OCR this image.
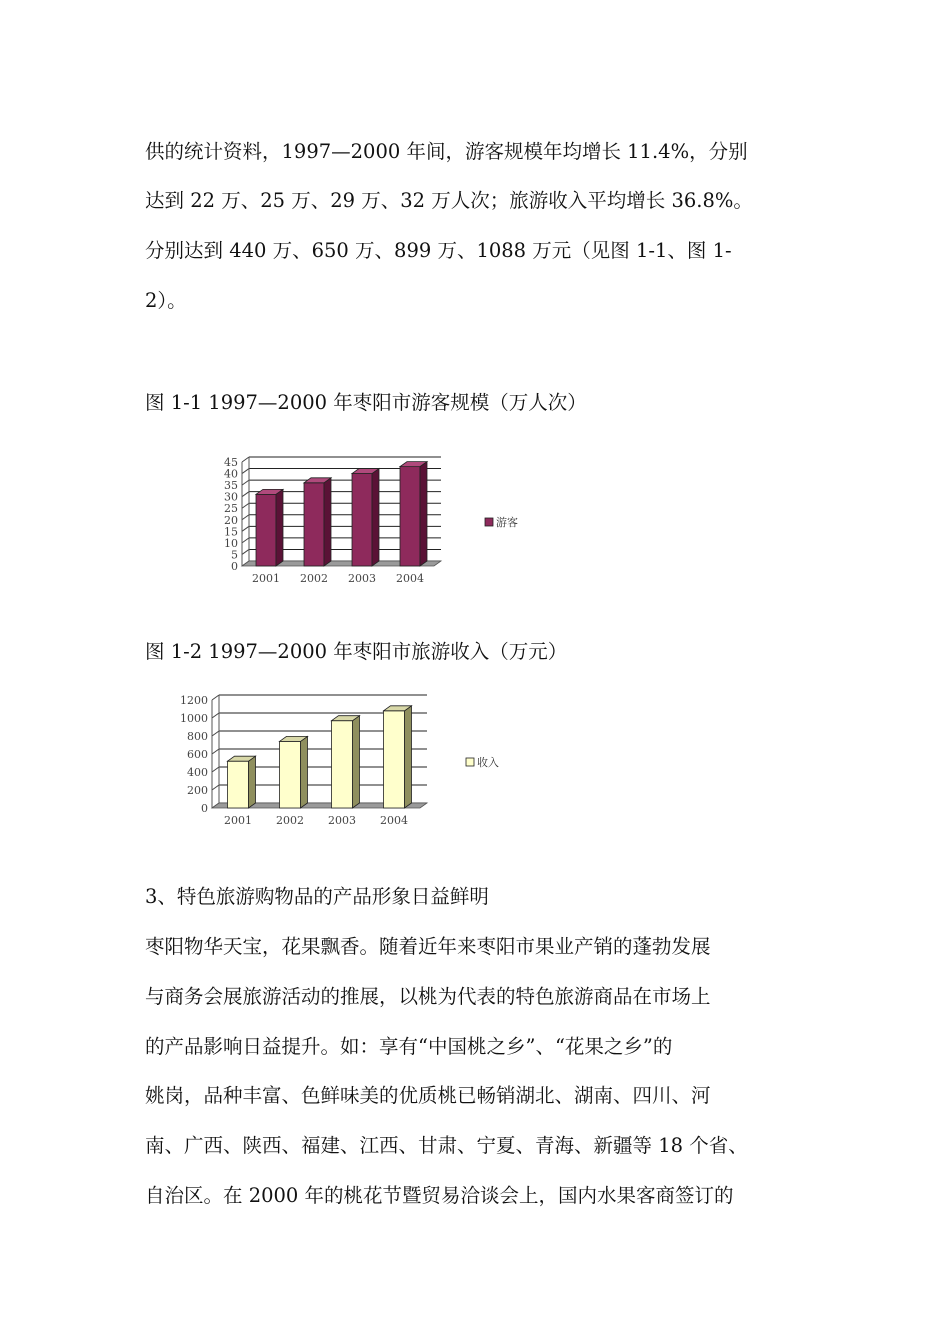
供的统计资料，1997—2000 年间，游客规模年均增长 11.4%，分别
达到 22 万、25 万、29 万、32 万人次；旅游收入平均增长 36.8%。
分别达到 440 万、650 万、899 万、1088 万元（见图 1-1、图 1-
2）。
图 1-1 1997—2000 年枣阳市游客规模（万人次）
0
5
10
15
20
25
30
35
40
45
2001 2002 2003 2004
游客
图 1-2 1997—2000 年枣阳市旅游收入（万元）
0
200
400
600
800
1000
1200
2001 2002 2003 2004
收入
3、特色旅游购物品的产品形象日益鲜明
枣阳物华天宝，花果飘香。随着近年来枣阳市果业产销的蓬勃发展
与商务会展旅游活动的推展，以桃为代表的特色旅游商品在市场上
的产品影响日益提升。如：享有“中国桃之乡”、“花果之乡”的
姚岗，品种丰富、色鲜味美的优质桃已畅销湖北、湖南、四川、河
南、广西、陕西、福建、江西、甘肃、宁夏、青海、新疆等 18 个省、
自治区。在 2000 年的桃花节暨贸易洽谈会上，国内水果客商签订的
